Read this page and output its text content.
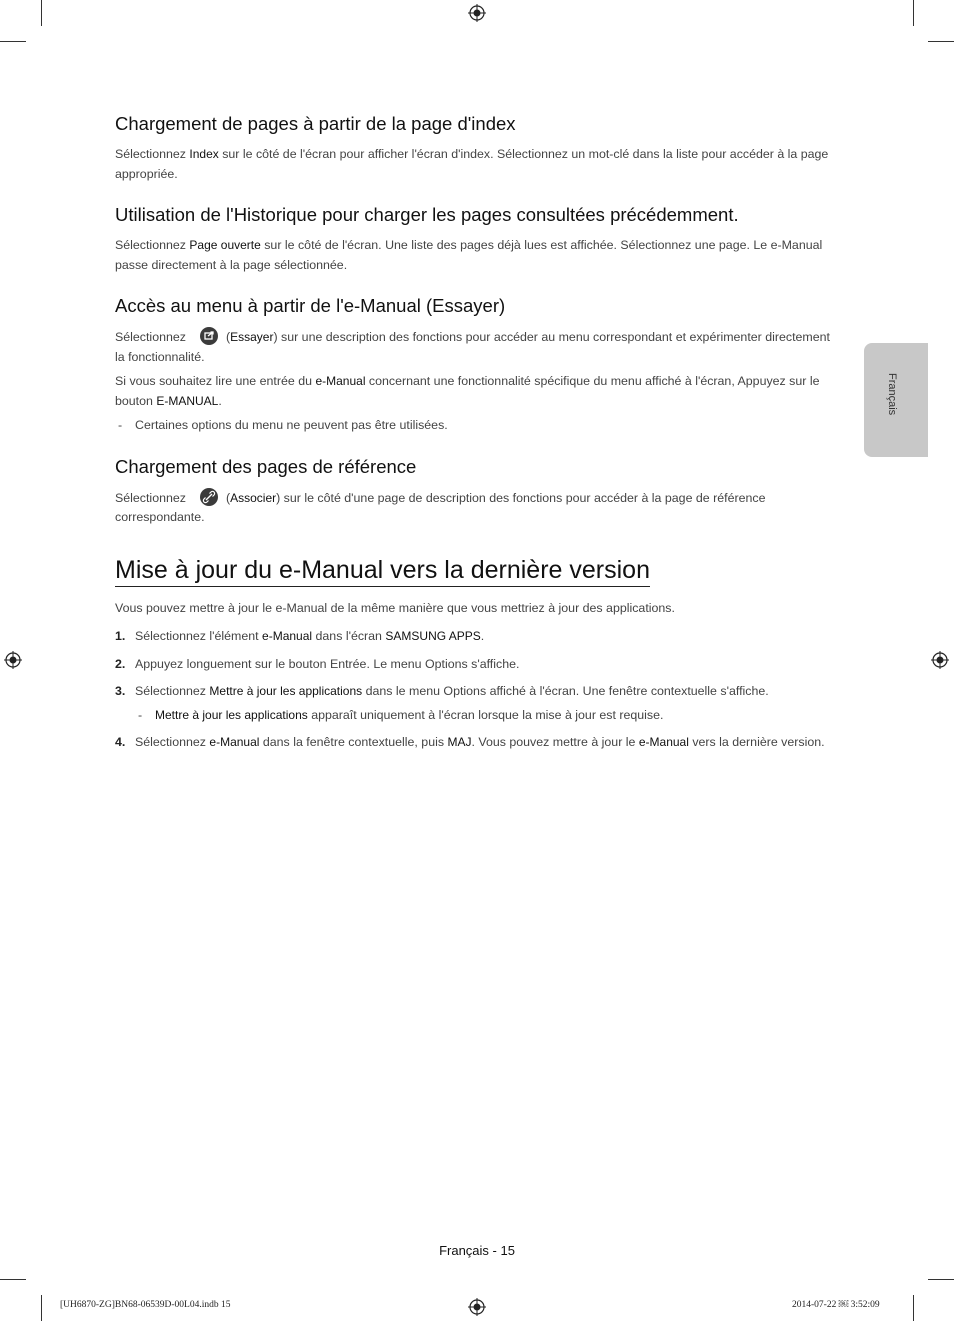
Chargement de pages à partir de la page d'index

Sélectionnez Index sur le côté de l'écran pour afficher l'écran d'index. Sélectionnez un mot-clé dans la liste pour accéder à la page appropriée.

Utilisation de l'Historique pour charger les pages consultées précédemment.

Sélectionnez Page ouverte sur le côté de l'écran. Une liste des pages déjà lues est affichée. Sélectionnez une page. Le e-Manual passe directement à la page sélectionnée.

Accès au menu à partir de l'e-Manual (Essayer)

Sélectionnez	(Essayer) sur une description des fonctions pour accéder au menu correspondant et expérimenter directement la fonctionnalité.

Si vous souhaitez lire une entrée du e-Manual concernant une fonctionnalité spécifique du menu affiché à l'écran, Appuyez sur le bouton E-MANUAL.

- Certaines options du menu ne peuvent pas être utilisées.

Chargement des pages de référence

Sélectionnez	(Associer) sur le côté d'une page de description des fonctions pour accéder à la page de référence correspondante.

Mise à jour du e-Manual vers la dernière version

Vous pouvez mettre à jour le e-Manual de la même manière que vous mettriez à jour des applications.

1. Sélectionnez l'élément e-Manual dans l'écran SAMSUNG APPS.
2. Appuyez longuement sur le bouton Entrée. Le menu Options s'affiche.
3. Sélectionnez Mettre à jour les applications dans le menu Options affiché à l'écran. Une fenêtre contextuelle s'affiche.
- Mettre à jour les applications apparaît uniquement à l'écran lorsque la mise à jour est requise.
4. Sélectionnez e-Manual dans la fenêtre contextuelle, puis MAJ. Vous pouvez mettre à jour le e-Manual vers la dernière version.
Français
Français - 15
[UH6870-ZG]BN68-06539D-00L04.indb 15	2014-07-22 ￼ 3:52:09
